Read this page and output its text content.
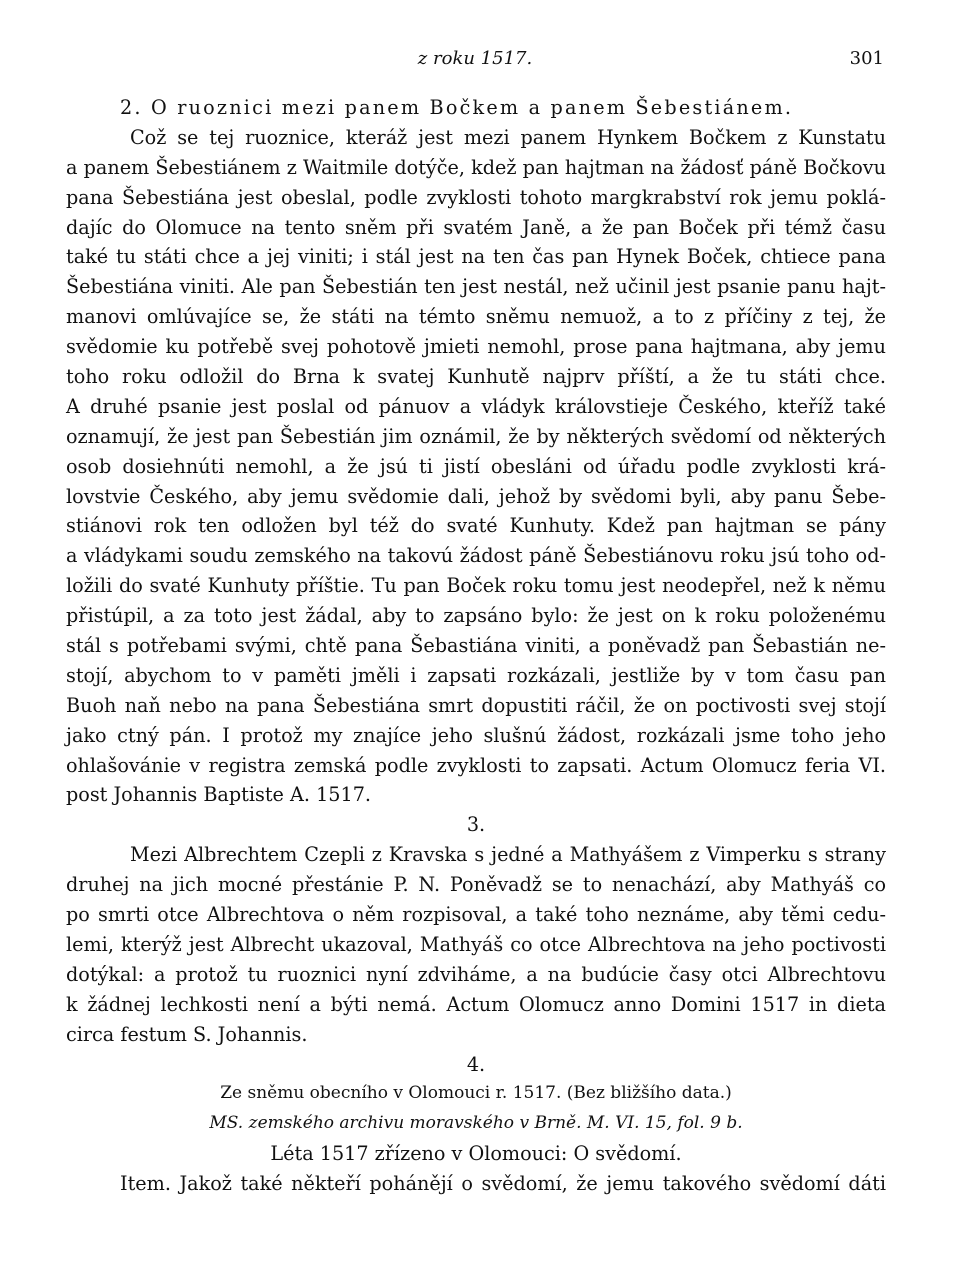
z roku 1517.	301
2. O ruoznici mezi panem Bočkem a panem Šebestiánem.
Což se tej ruoznice, kteráž jest mezi panem Hynkem Bočkem z Kunstatu
a panem Šebestiánem z Waitmile dotýče, kdež pan hajtman na žádosť páně Bočkovu
pana Šebestiána jest obeslal, podle zvyklosti tohoto margkrabství rok jemu poklá-
dajíc do Olomuce na tento sněm při svatém Janě, a že pan Boček při témž času
také tu státi chce a jej viniti; i stál jest na ten čas pan Hynek Boček, chtiece pana
Šebestiána viniti. Ale pan Šebestián ten jest nestál, než učinil jest psanie panu hajt-
manovi omlúvajíce se, že státi na témto sněmu nemuož, a to z příčiny z tej, že
svědomie ku potřebě svej pohotově jmieti nemohl, prose pana hajtmana, aby jemu
toho roku odložil do Brna k svatej Kunhutě najprv příští, a že tu státi chce.
A druhé psanie jest poslal od pánuov a vládyk královstieje Českého, kteříž také
oznamují, že jest pan Šebestián jim oznámil, že by některých svědomí od některých
osob dosiehnúti nemohl, a že jsú ti jistí obesláni od úřadu podle zvyklosti krá-
lovstvie Českého, aby jemu svědomie dali, jehož by svědomi byli, aby panu Šebe-
stiánovi rok ten odložen byl též do svaté Kunhuty. Kdež pan hajtman se pány
a vládykami soudu zemského na takovú žádost páně Šebestiánovu roku jsú toho od-
ložili do svaté Kunhuty příštie. Tu pan Boček roku tomu jest neodepřel, než k němu
přistúpil, a za toto jest žádal, aby to zapsáno bylo: že jest on k roku položenému
stál s potřebami svými, chtě pana Šebastiána viniti, a poněvadž pan Šebastián ne-
stojí, abychom to v paměti jměli i zapsati rozkázali, jestliže by v tom času pan
Buoh naň nebo na pana Šebestiána smrt dopustiti ráčil, že on poctivosti svej stojí
jako ctný pán. I protož my znajíce jeho slušnú žádost, rozkázali jsme toho jeho
ohlašovánie v registra zemská podle zvyklosti to zapsati. Actum Olomucz feria VI.
post Johannis Baptiste A. 1517.
3.
Mezi Albrechtem Czepli z Kravska s jedné a Mathyášem z Vimperku s strany
druhej na jich mocné přestánie P. N. Poněvadž se to nenachází, aby Mathyáš co
po smrti otce Albrechtova o něm rozpisoval, a také toho neznáme, aby těmi cedu-
lemi, kterýž jest Albrecht ukazoval, Mathyáš co otce Albrechtova na jeho poctivosti
dotýkal: a protož tu ruoznici nyní zdviháme, a na budúcie časy otci Albrechtovu
k žádnej lechkosti není a býti nemá. Actum Olomucz anno Domini 1517 in dieta
circa festum S. Johannis.
4.
Ze sněmu obecního v Olomouci r. 1517. (Bez bližšího data.)
MS. zemského archivu moravského v Brně. M. VI. 15, fol. 9 b.
Léta 1517 zřízeno v Olomouci: O svědomí.
Item. Jakož také někteří pohánějí o svědomí, že jemu takového svědomí dáti
